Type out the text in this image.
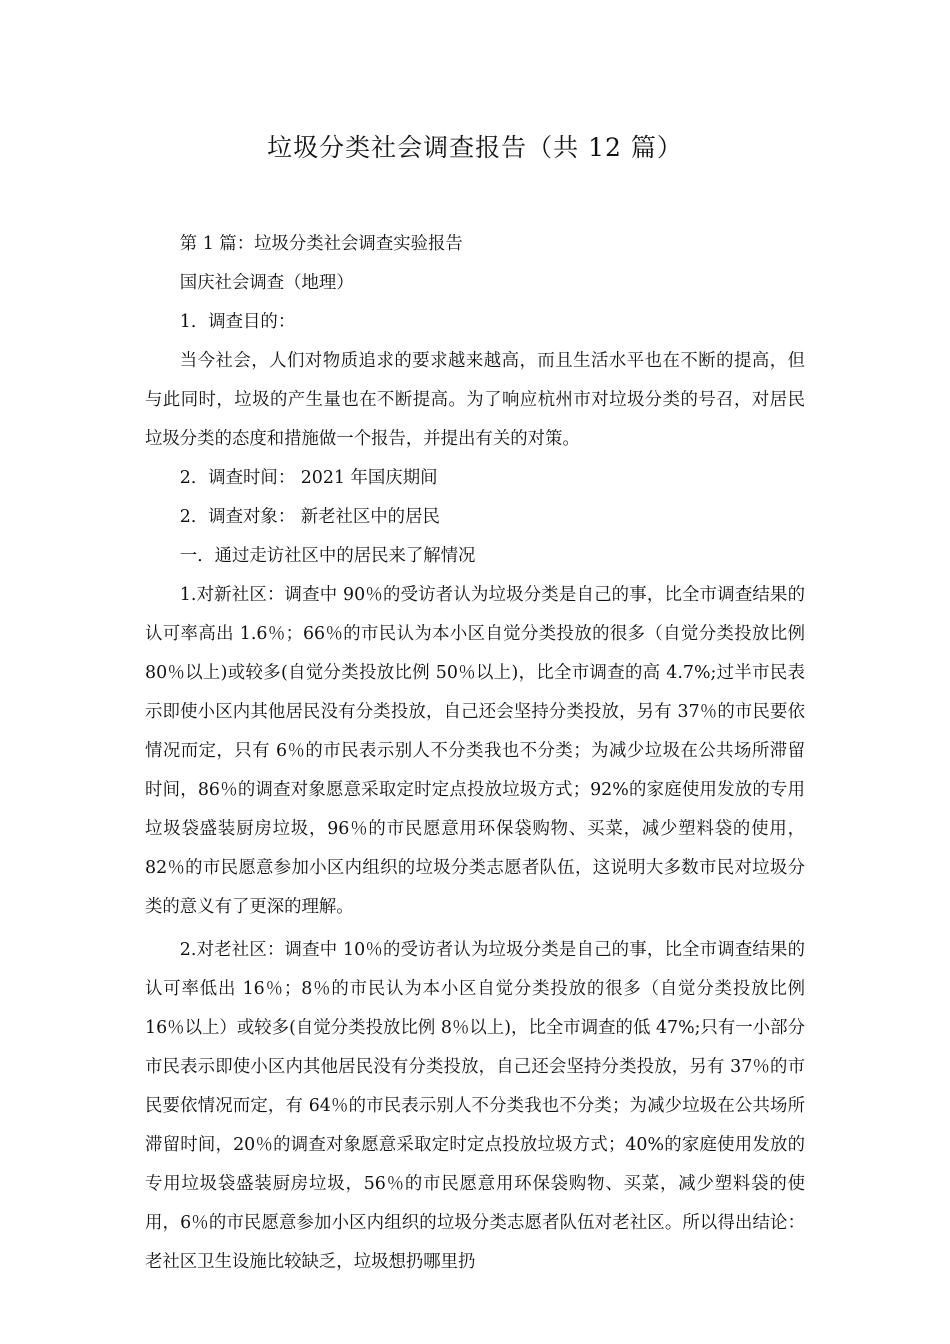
垃圾分类社会调查报告（共 12 篇）

第 1 篇：垃圾分类社会调查实验报告

国庆社会调查（地理）

1．调查目的：

当今社会，人们对物质追求的要求越来越高，而且生活水平也在不断的提高，但与此同时，垃圾的产生量也在不断提高。为了响应杭州市对垃圾分类的号召，对居民垃圾分类的态度和措施做一个报告，并提出有关的对策。

2．调查时间： 2021 年国庆期间

2．调查对象： 新老社区中的居民

一．通过走访社区中的居民来了解情况

1.对新社区：调查中 90％的受访者认为垃圾分类是自己的事，比全市调查结果的认可率高出 1.6％；66％的市民认为本小区自觉分类投放的很多（自觉分类投放比例 80％以上)或较多(自觉分类投放比例 50％以上)，比全市调查的高 4.7%;过半市民表示即使小区内其他居民没有分类投放，自己还会坚持分类投放，另有 37％的市民要依情况而定，只有 6％的市民表示别人不分类我也不分类；为减少垃圾在公共场所滞留时间，86％的调查对象愿意采取定时定点投放垃圾方式；92%的家庭使用发放的专用垃圾袋盛装厨房垃圾，96％的市民愿意用环保袋购物、买菜，减少塑料袋的使用，82％的市民愿意参加小区内组织的垃圾分类志愿者队伍，这说明大多数市民对垃圾分类的意义有了更深的理解。

2.对老社区：调查中 10％的受访者认为垃圾分类是自己的事，比全市调查结果的认可率低出 16％；8％的市民认为本小区自觉分类投放的很多（自觉分类投放比例 16％以上）或较多(自觉分类投放比例 8％以上)，比全市调查的低 47%;只有一小部分市民表示即使小区内其他居民没有分类投放，自己还会坚持分类投放，另有 37％的市民要依情况而定，有 64％的市民表示别人不分类我也不分类；为减少垃圾在公共场所滞留时间，20％的调查对象愿意采取定时定点投放垃圾方式；40%的家庭使用发放的专用垃圾袋盛装厨房垃圾，56％的市民愿意用环保袋购物、买菜，减少塑料袋的使用，6％的市民愿意参加小区内组织的垃圾分类志愿者队伍对老社区。所以得出结论：老社区卫生设施比较缺乏，垃圾想扔哪里扔
